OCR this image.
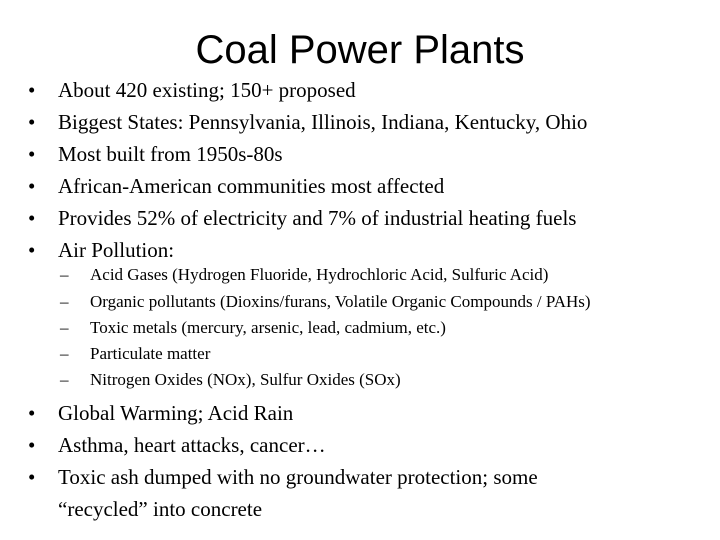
Coal Power Plants
•	About 420 existing; 150+ proposed
•	Biggest States: Pennsylvania, Illinois, Indiana, Kentucky, Ohio
•	Most built from 1950s-80s
•	African-American communities most affected
•	Provides 52% of electricity and 7% of industrial heating fuels
•	Air Pollution:
–	Acid Gases (Hydrogen Fluoride, Hydrochloric Acid, Sulfuric Acid)
–	Organic pollutants (Dioxins/furans, Volatile Organic Compounds / PAHs)
–	Toxic metals (mercury, arsenic, lead, cadmium, etc.)
–	Particulate matter
–	Nitrogen Oxides (NOx), Sulfur Oxides (SOx)
•	Global Warming; Acid Rain
•	Asthma, heart attacks, cancer…
•	Toxic ash dumped with no groundwater protection; some
“recycled” into concrete
